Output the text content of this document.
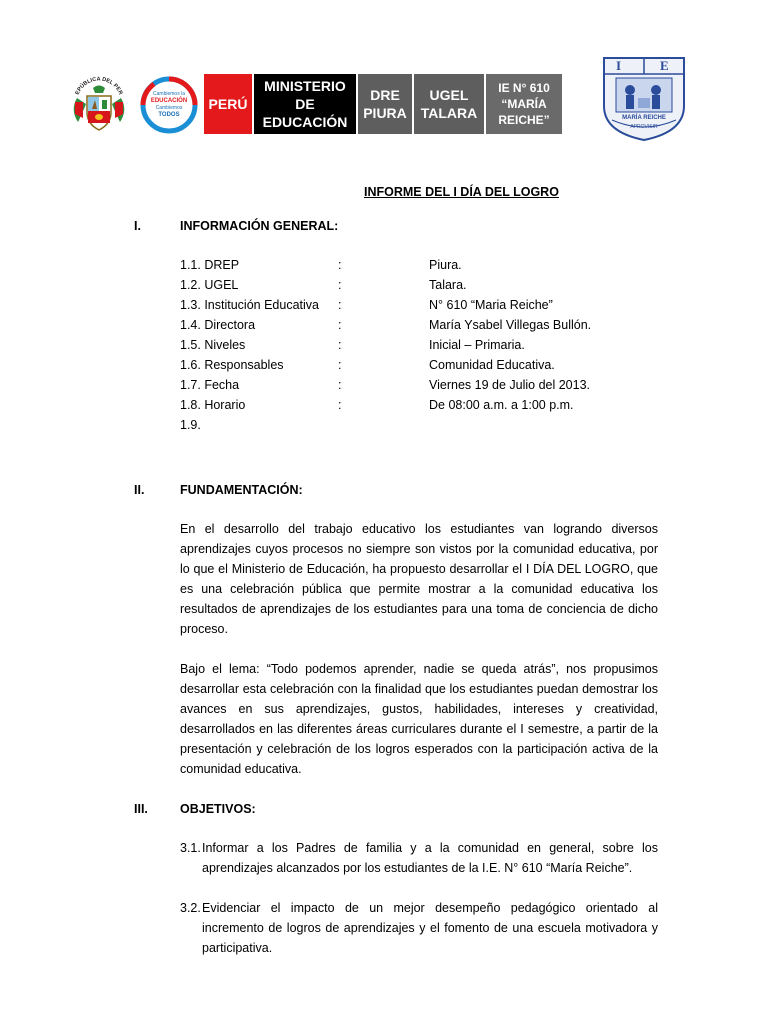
EPÚBLICA DEL PER	Cambiemos la
EDUCACIÓN
Cambiemos
TODOS
PERÚ
MINISTERIO
DE
EDUCACIÓN
DRE
PIURA
UGEL
TALARA
IE N° 610
“MARÍA
REICHE”
I	E
MARÍA REICHE
APROVISIR
INFORME DEL I DÍA DEL LOGRO
I.	INFORMACIÓN GENERAL:
1.1. DREP	:	Piura.
1.2. UGEL	:	Talara.
1.3. Institución Educativa :	N° 610 “Maria Reiche”
1.4. Directora	:	María Ysabel Villegas Bullón.
1.5. Niveles	:	Inicial – Primaria.
1.6. Responsables	:	Comunidad Educativa.
1.7. Fecha	:	Viernes 19 de Julio del 2013.
1.8. Horario	:	De 08:00 a.m. a 1:00 p.m.
1.9.
II.	FUNDAMENTACIÓN:
En el desarrollo del trabajo educativo los estudiantes van logrando diversos aprendizajes cuyos procesos no siempre son vistos por la comunidad educativa, por lo que el Ministerio de Educación, ha propuesto desarrollar el I DÍA DEL LOGRO, que es una celebración pública que permite mostrar a la comunidad educativa los resultados de aprendizajes de los estudiantes para una toma de conciencia de dicho proceso.
Bajo el lema: “Todo podemos aprender, nadie se queda atrás”, nos propusimos desarrollar esta celebración con la finalidad que los estudiantes puedan demostrar los avances en sus aprendizajes, gustos, habilidades, intereses y creatividad, desarrollados en las diferentes áreas curriculares durante el I semestre, a partir de la presentación y celebración de los logros esperados con la participación activa de la comunidad educativa.
III.	OBJETIVOS:
3.1. Informar a los Padres de familia y a la comunidad en general, sobre los aprendizajes alcanzados por los estudiantes de la I.E. N° 610 “María Reiche”.
3.2. Evidenciar el impacto de un mejor desempeño pedagógico orientado al incremento de logros de aprendizajes y el fomento de una escuela motivadora y participativa.
